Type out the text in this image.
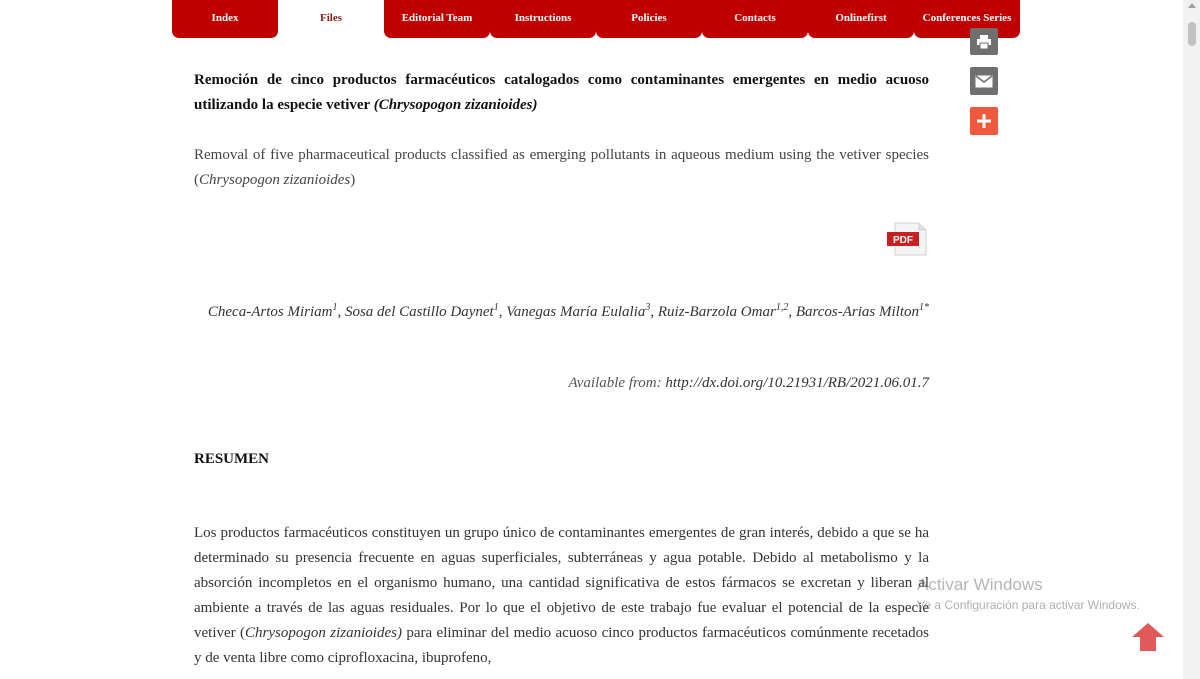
Index	Files	Editorial Team	Instructions	Policies	Contacts	Onlinefirst	Conferences Series
Remoción de cinco productos farmacéuticos catalogados como contaminantes emergentes en medio acuoso utilizando la especie vetiver (Chrysopogon zizanioides)
Removal of five pharmaceutical products classified as emerging pollutants in aqueous medium using the vetiver species (Chrysopogon zizanioides)
PDF
Checa-Artos Miriam$^1$, Sosa del Castillo Daynet$^1$, Vanegas María Eulalia$^3$, Ruiz-Barzola Omar$^{1,2}$, Barcos-Arias Milton$^{1*}$
Available from: http://dx.doi.org/10.21931/RB/2021.06.01.7
RESUMEN
Los productos farmacéuticos constituyen un grupo único de contaminantes emergentes de gran interés, debido a que se ha determinado su presencia frecuente en aguas superficiales, subterráneas y agua potable. Debido al metabolismo y la absorción incompletos en el organismo humano, una cantidad significativa de estos fármacos se excretan y liberan al ambiente a través de las aguas residuales. Por lo que el objetivo de este trabajo fue evaluar el potencial de la especie vetiver (Chrysopogon zizanioides) para eliminar del medio acuoso cinco productos farmacéuticos comúnmente recetados y de venta libre como ciprofloxacina, ibuprofeno,
Activar Windows
Ve a Configuración para activar Windows.
